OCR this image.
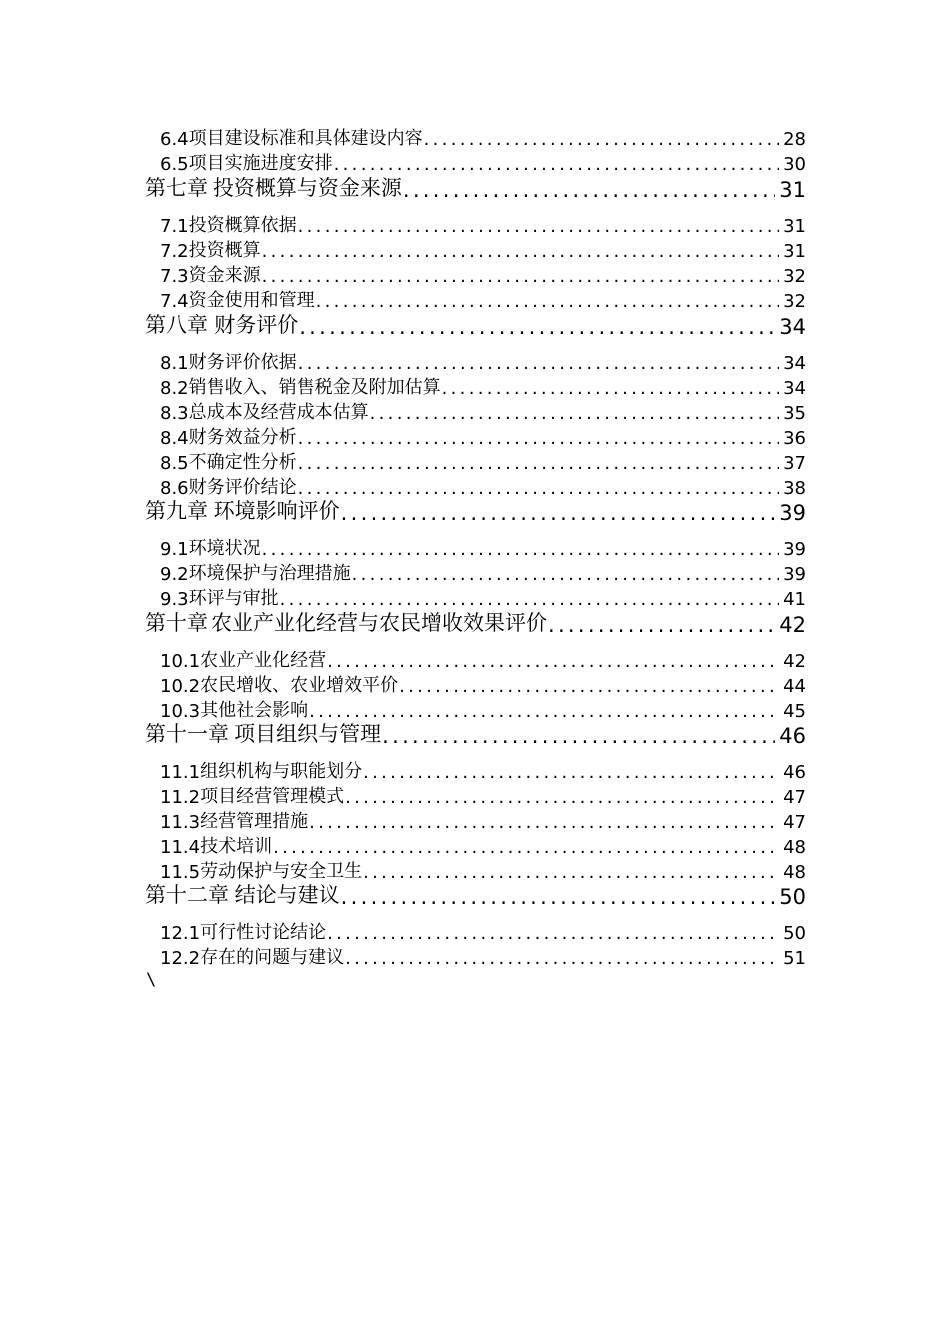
6.4 项目建设标准和具体建设内容 .....	28
6.5 项目实施进度安排 .....	30
第七章 投资概算与资金来源 .....	31
7.1 投资概算依据 .....	31
7.2 投资概算 .....	31
7.3 资金来源 .....	32
7.4 资金使用和管理 .....	32
第八章 财务评价 .....	34
8.1 财务评价依据 .....	34
8.2 销售收入、销售税金及附加估算 .....	34
8.3 总成本及经营成本估算 .....	35
8.4 财务效益分析 .....	36
8.5 不确定性分析 .....	37
8.6 财务评价结论 .....	38
第九章 环境影响评价 .....	39
9.1 环境状况 .....	39
9.2 环境保护与治理措施 .....	39
9.3 环评与审批 .....	41
第十章 农业产业化经营与农民增收效果评价 .....	42
10.1 农业产业化经营 .....	42
10.2 农民增收、农业增效平价 .....	44
10.3 其他社会影响 .....	45
第十一章 项目组织与管理 .....	46
11.1 组织机构与职能划分 .....	46
11.2 项目经营管理模式 .....	47
11.3 经营管理措施 .....	47
11.4 技术培训 .....	48
11.5 劳动保护与安全卫生 .....	48
第十二章 结论与建议 .....	50
12.1 可行性讨论结论 .....	50
12.2 存在的问题与建议 .....	51
\
